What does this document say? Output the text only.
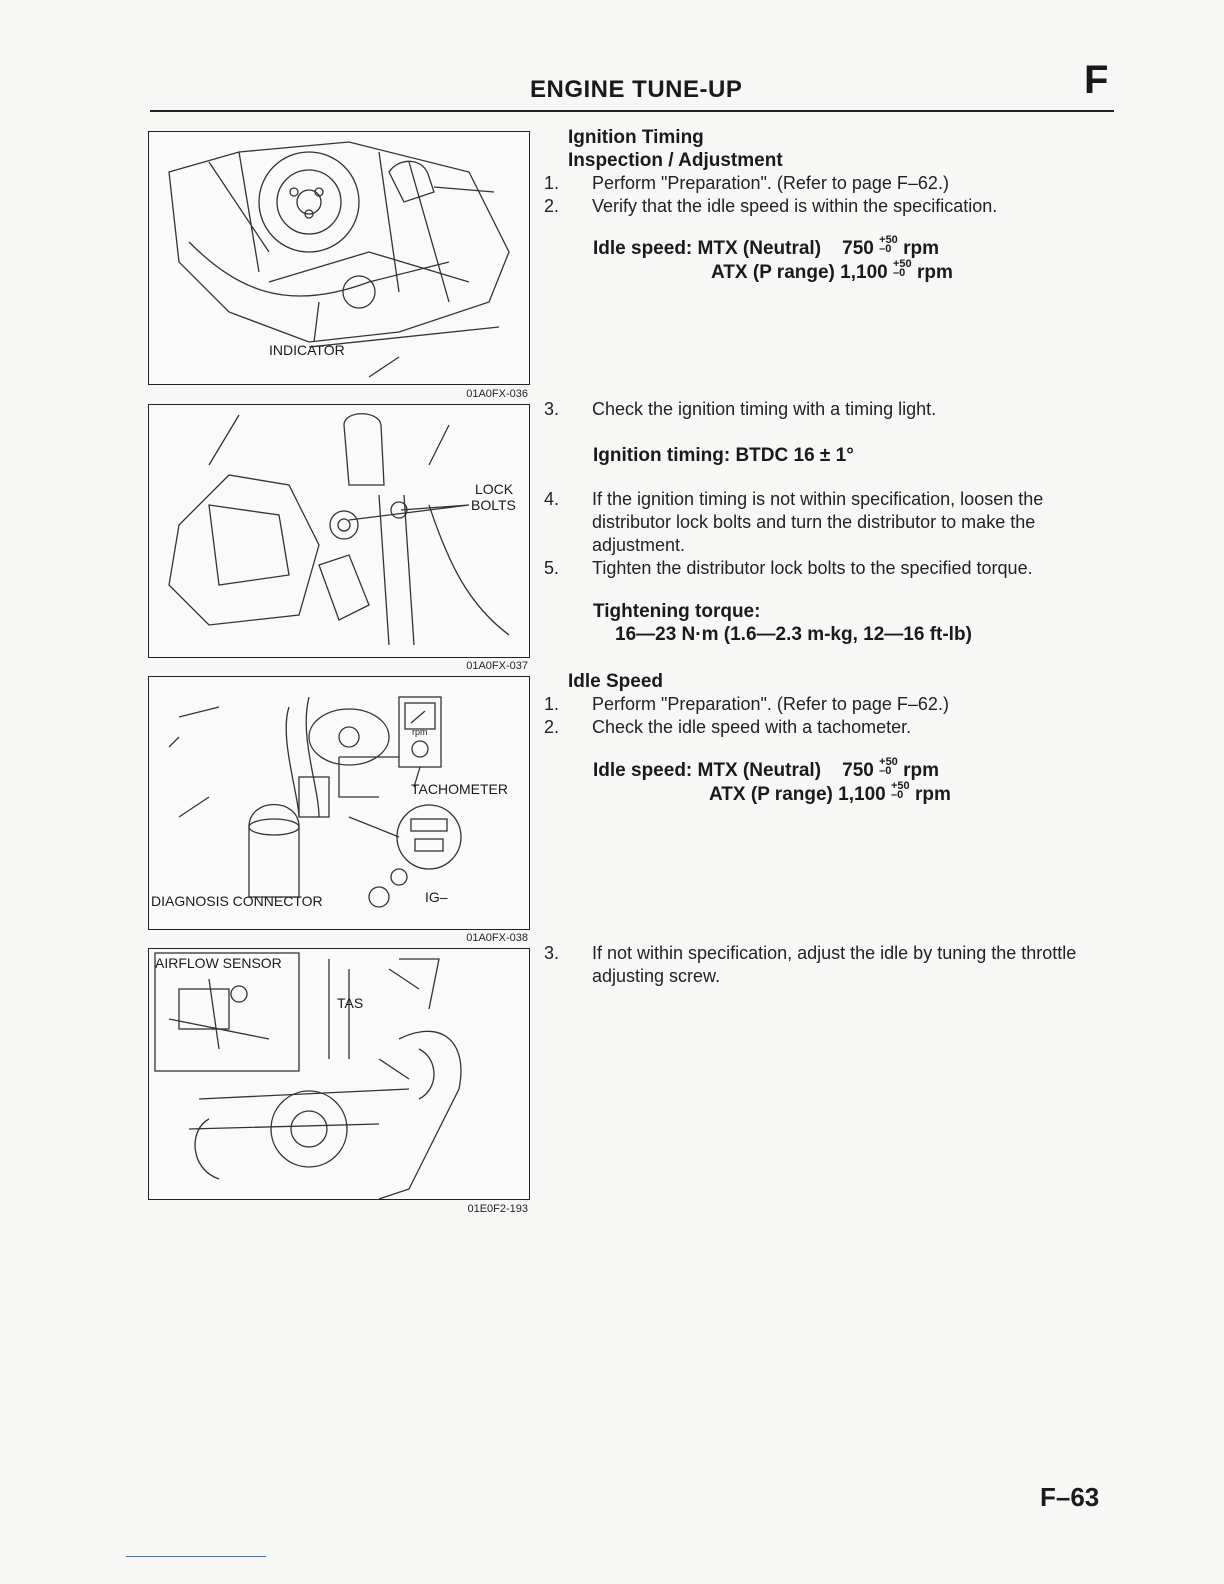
ENGINE TUNE-UP	F
INDICATOR
01A0FX-036
LOCK
BOLTS
01A0FX-037
rpm
TACHOMETER
DIAGNOSIS CONNECTOR	IG–
01A0FX-038
AIRFLOW SENSOR
TAS
01E0F2-193
Ignition Timing
Inspection / Adjustment
1. Perform "Preparation". (Refer to page F–62.)
2. Verify that the idle speed is within the specification.
Idle speed: MTX (Neutral) 750 +50
–0 rpm
ATX (P range) 1,100 +50
–0 rpm
3. Check the ignition timing with a timing light.
Ignition timing: BTDC 16 ± 1°
4. If the ignition timing is not within specification, loosen the distributor lock bolts and turn the distributor to make the adjustment.
5. Tighten the distributor lock bolts to the specified torque.
Tightening torque:
16—23 N·m (1.6—2.3 m-kg, 12—16 ft-lb)
Idle Speed
1. Perform "Preparation". (Refer to page F–62.)
2. Check the idle speed with a tachometer.
Idle speed: MTX (Neutral) 750 +50
–0 rpm
ATX (P range) 1,100 +50
–0 rpm
3. If not within specification, adjust the idle by tuning the throttle adjusting screw.
F–63
